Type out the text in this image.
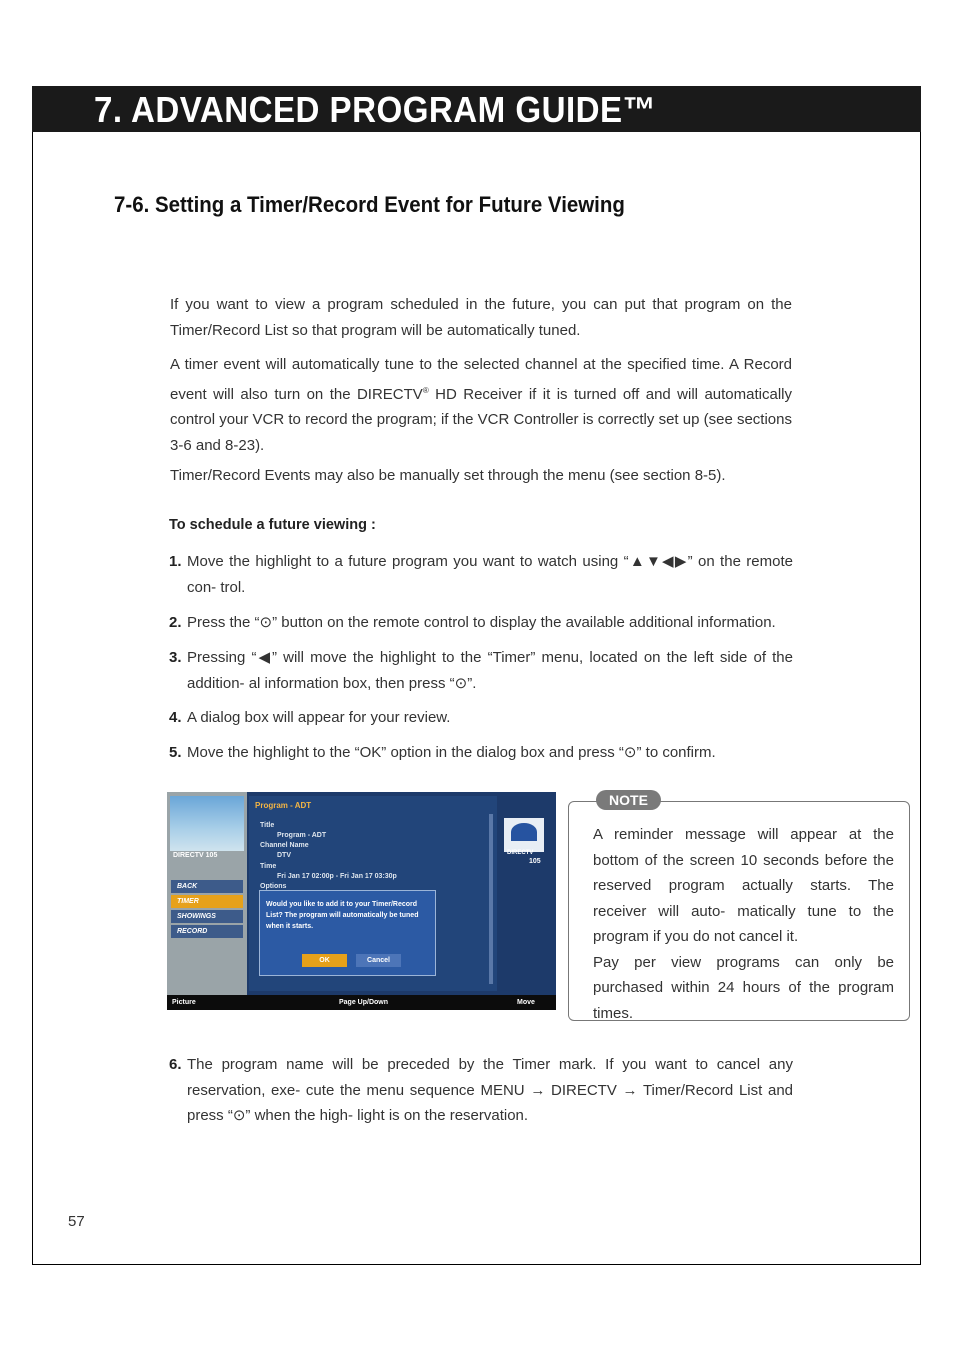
7. ADVANCED PROGRAM GUIDE™
7-6. Setting a Timer/Record Event for Future Viewing

If you want to view a program scheduled in the future, you can put that program on the Timer/Record List so that program will be automatically tuned.

A timer event will automatically tune to the selected channel at the specified time. A Record event will also turn on the DIRECTV® HD Receiver if it is turned off and will automatically control your VCR to record the program; if the VCR Controller is correctly set up (see sections 3-6 and 8-23).

Timer/Record Events may also be manually set through the menu (see section 8-5).

To schedule a future viewing :
1. Move the highlight to a future program you want to watch using “▲▼◀▶” on the remote con- trol.
2. Press the “⊙” button on the remote control to display the available additional information.
3. Pressing “◀” will move the highlight to the “Timer” menu, located on the left side of the addition- al information box, then press “⊙”.
4. A dialog box will appear for your review.
5. Move the highlight to the “OK” option in the dialog box and press “⊙” to confirm.
DIRECTV 105
BACK
TIMER
SHOWINGS
RECORD
Program - ADT
Title
Program - ADT
Channel Name
DTV
Time
Fri Jan 17 02:00p - Fri Jan 17 03:30p
Options
Would you like to add it to your Timer/Record List? The program will automatically be tuned when it starts.
OK	Cancel
DIRECTV
105
Picture	Page Up/Down	Move
NOTE

A reminder message will appear at the bottom of the screen 10 seconds before the reserved program actually starts. The receiver will auto- matically tune to the program if you do not cancel it.

Pay per view programs can only be purchased within 24 hours of the program times.

6. The program name will be preceded by the Timer mark. If you want to cancel any reservation, exe- cute the menu sequence MENU → DIRECTV → Timer/Record List and press “⊙” when the high- light is on the reservation.
57
